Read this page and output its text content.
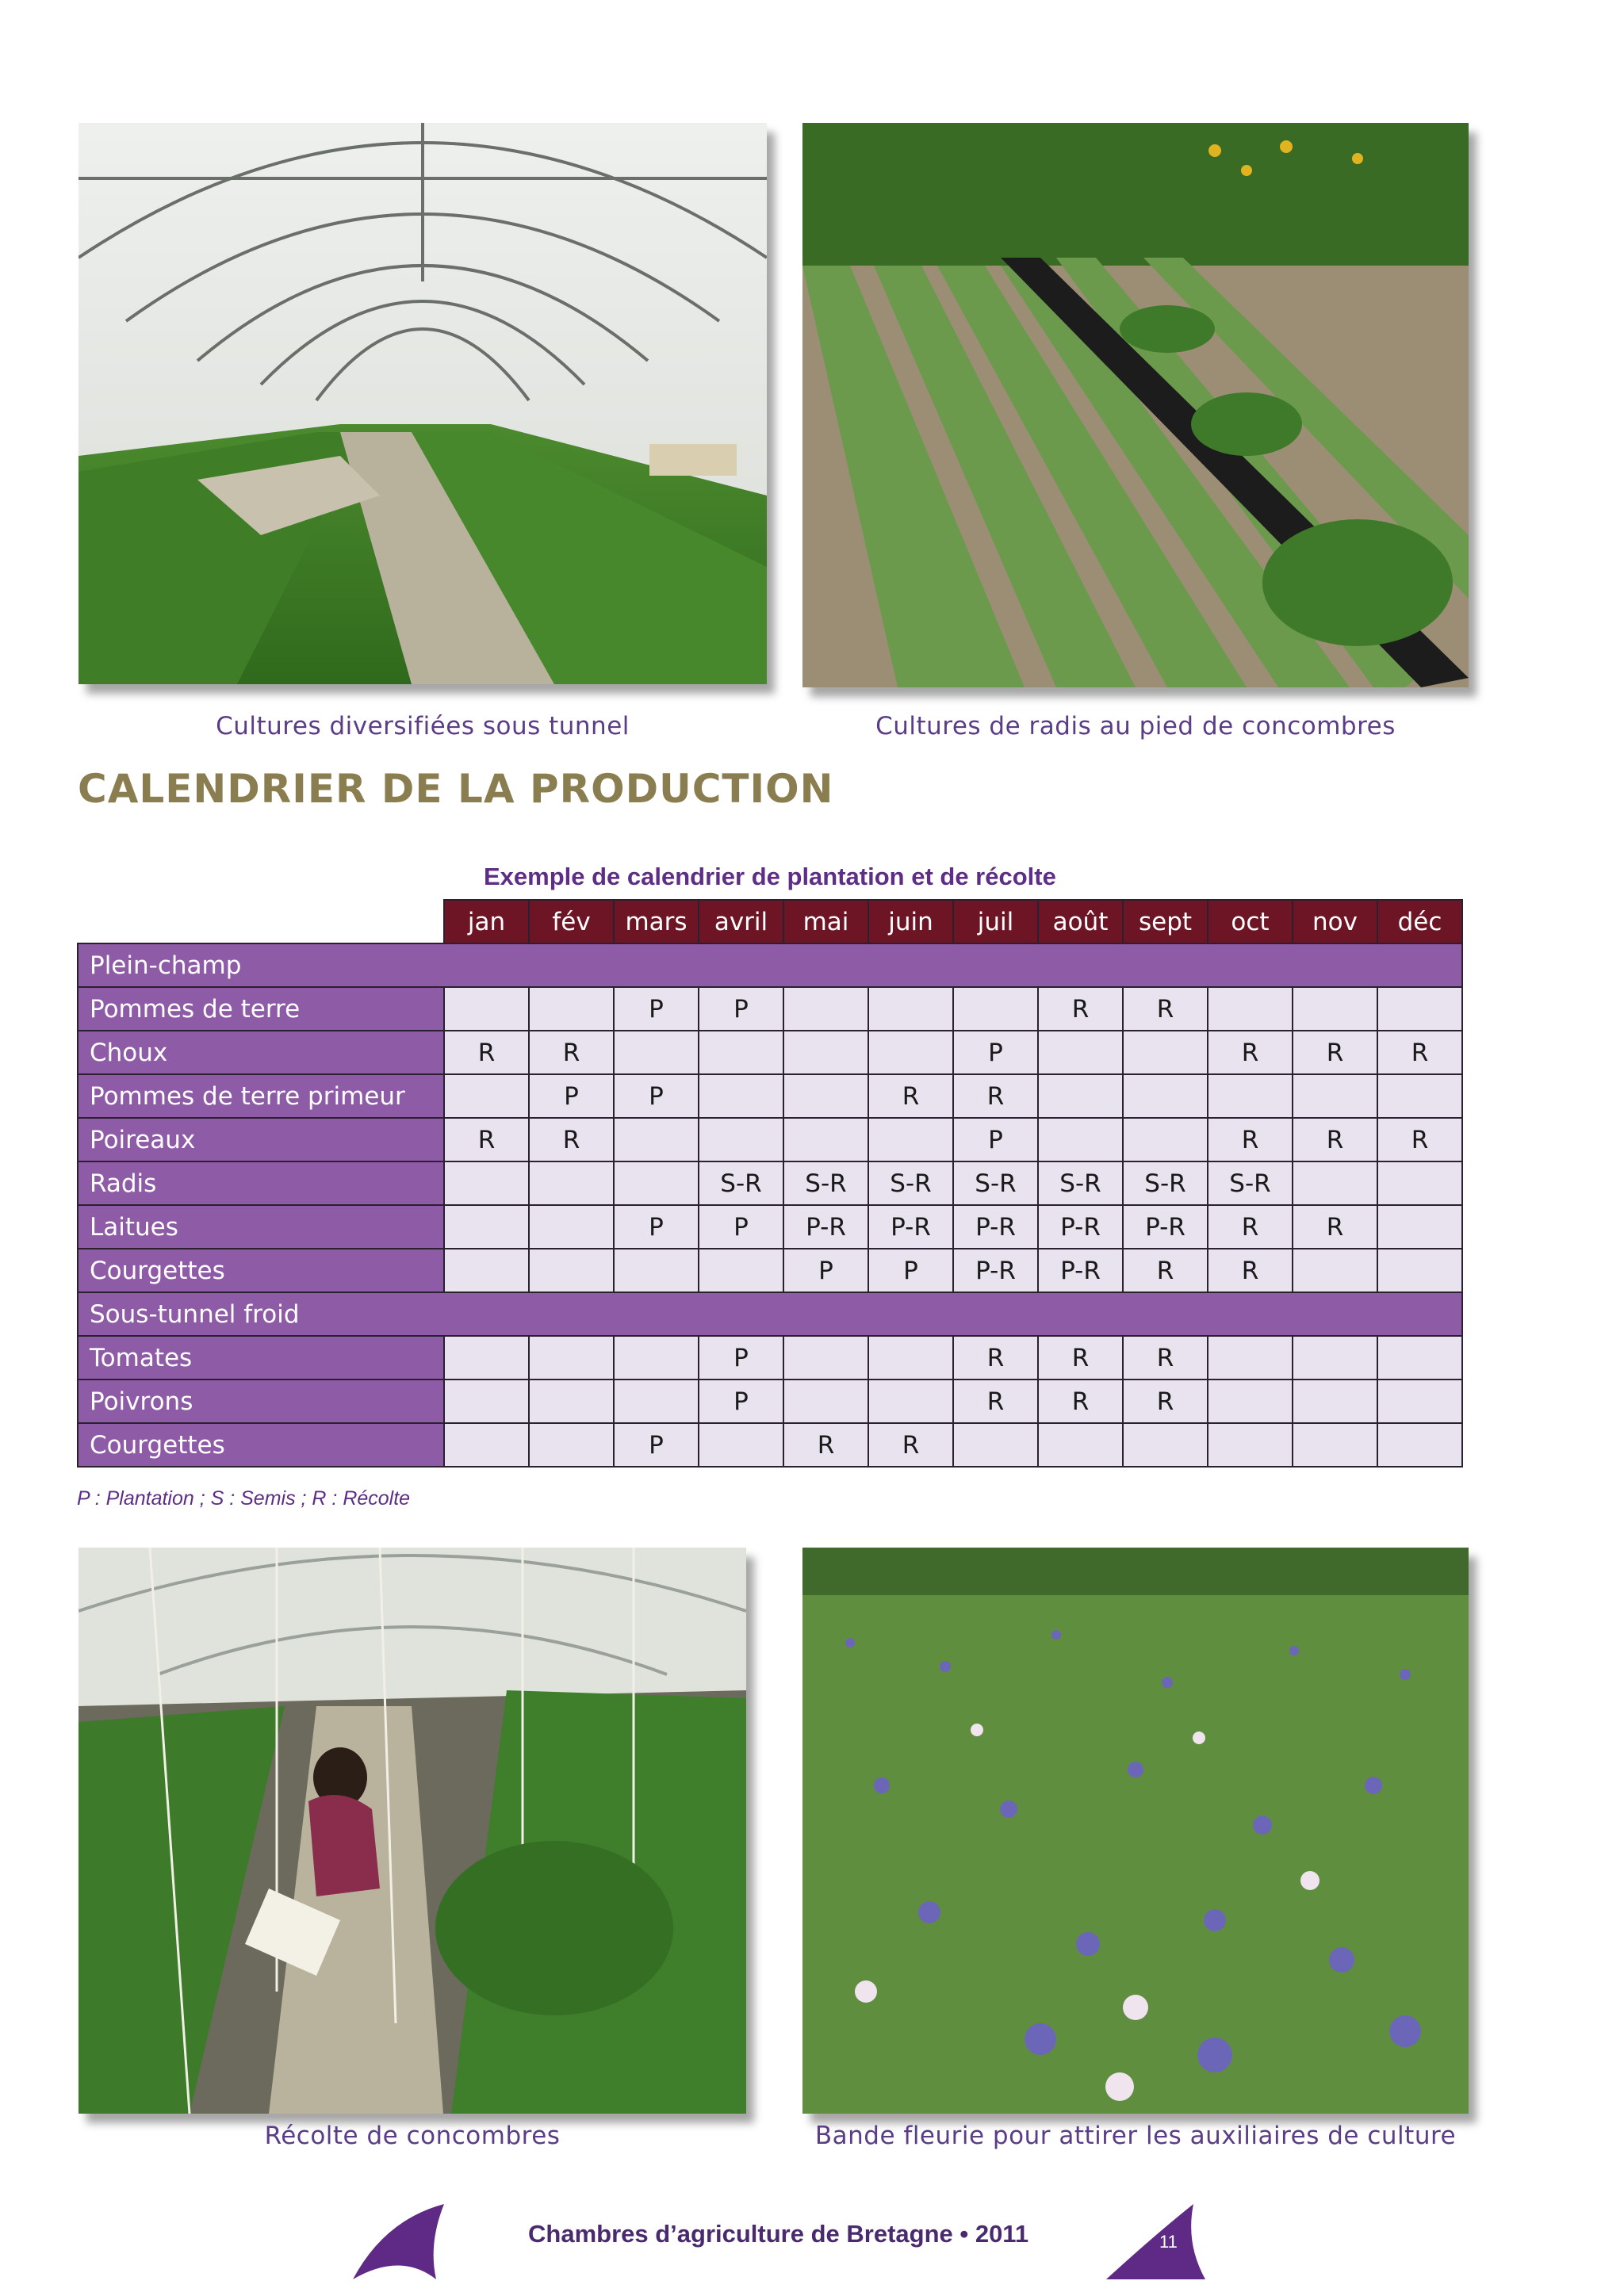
Cultures diversifiées sous tunnel	Cultures de radis au pied de concombres
CALENDRIER DE LA PRODUCTION
Exemple de calendrier de plantation et de récolte
	jan	fév	mars	avril	mai	juin	juil	août	sept	oct	nov	déc
Plein-champ												
Pommes de terre			P	P				R	R			
Choux	R	R					P			R	R	R
Pommes de terre primeur		P	P			R	R					
Poireaux	R	R					P			R	R	R
Radis				S-R	S-R	S-R	S-R	S-R	S-R	S-R		
Laitues			P	P	P-R	P-R	P-R	P-R	P-R	R	R	
Courgettes					P	P	P-R	P-R	R	R		
Sous-tunnel froid												
Tomates				P			R	R	R			
Poivrons				P			R	R	R			
Courgettes			P		R	R						
P : Plantation ; S : Semis ; R : Récolte
Récolte de concombres	Bande fleurie pour attirer les auxiliaires de culture
Chambres d’agriculture de Bretagne • 2011	11
